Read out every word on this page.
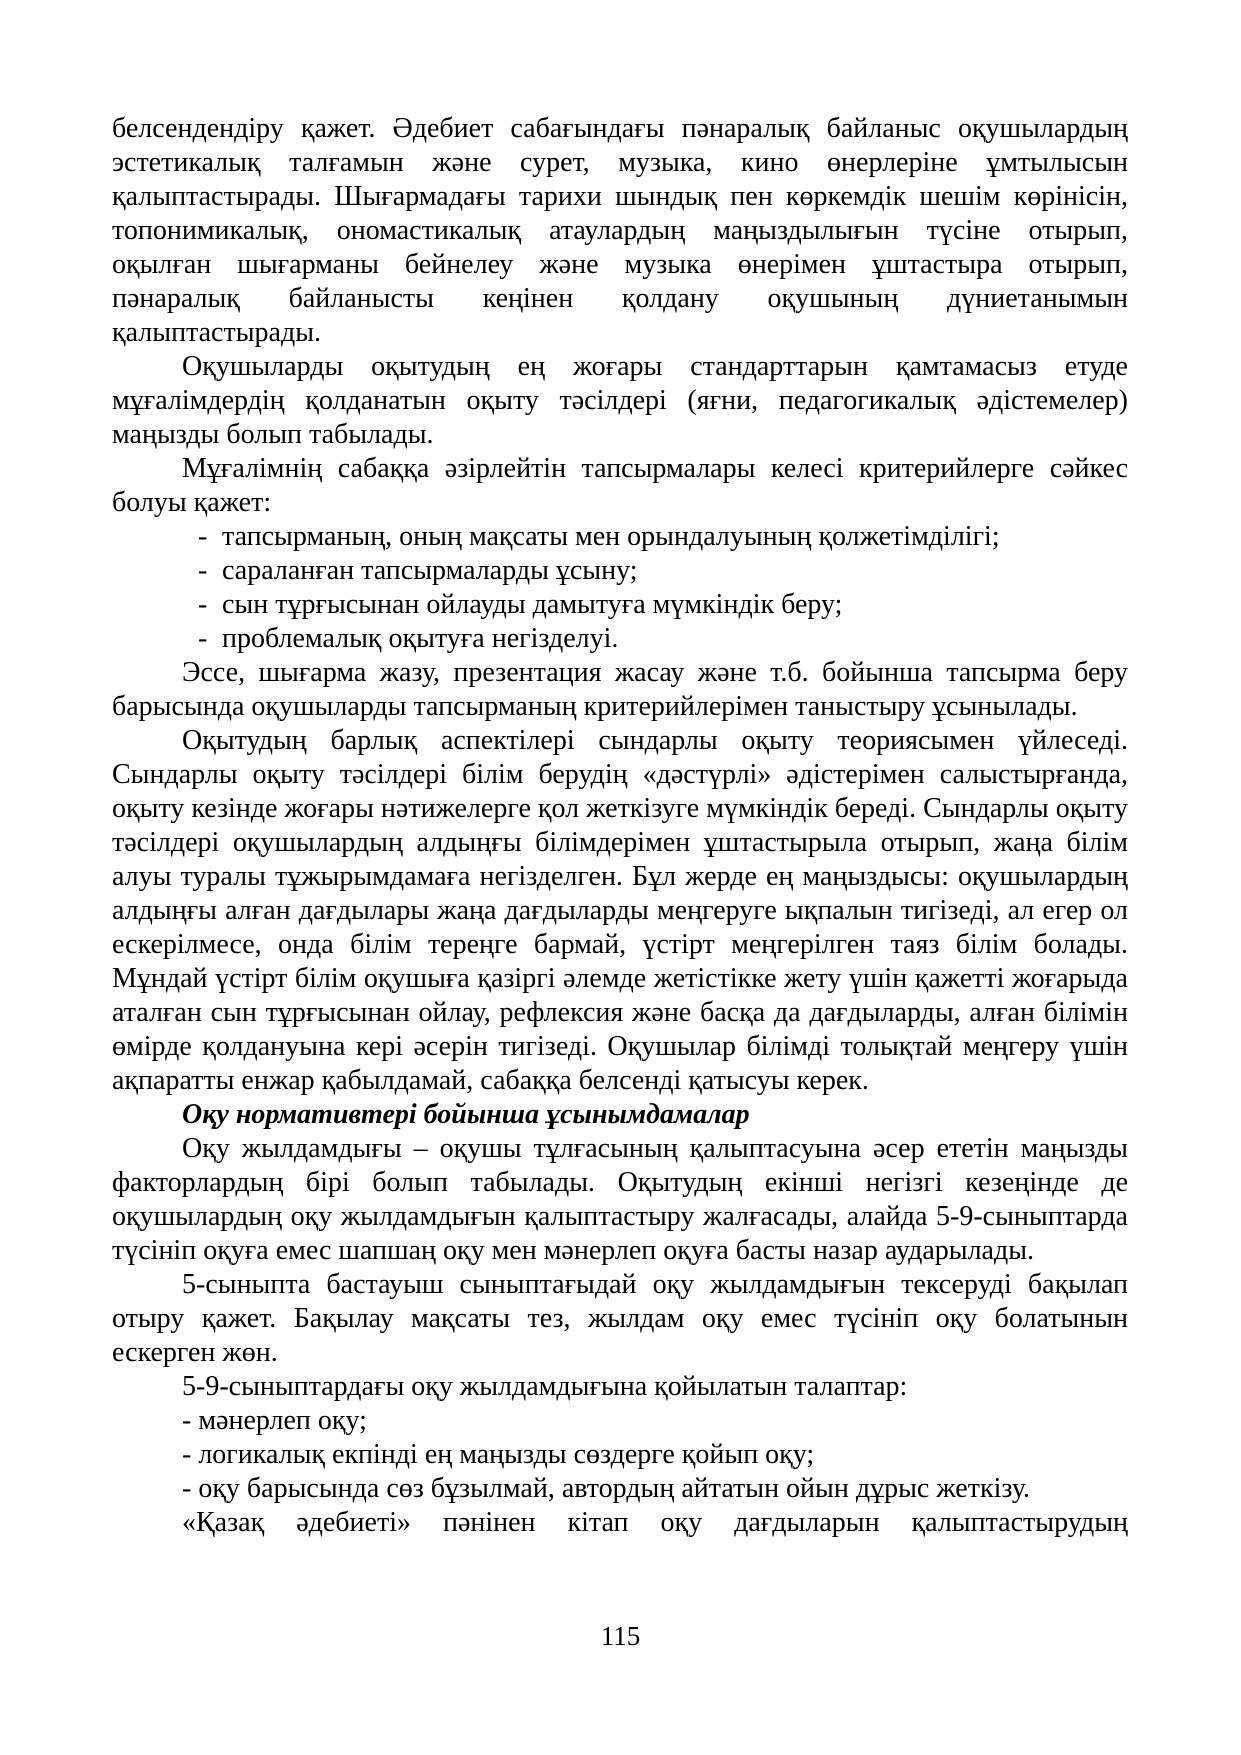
белсендендіру қажет. Әдебиет сабағындағы пәнаралық байланыс оқушылардың эстетикалық талғамын және сурет, музыка, кино өнерлеріне ұмтылысын қалыптастырады. Шығармадағы тарихи шындық пен көркемдік шешім көрінісін, топонимикалық, ономастикалық атаулардың маңыздылығын түсіне отырып, оқылған шығарманы бейнелеу және музыка өнерімен ұштастыра отырып, пәнаралық байланысты кеңінен қолдану оқушының дүниетанымын қалыптастырады.

Оқушыларды оқытудың ең жоғары стандарттарын қамтамасыз етуде мұғалімдердің қолданатын оқыту тәсілдері (яғни, педагогикалық әдістемелер) маңызды болып табылады.

Мұғалімнің сабаққа әзірлейтін тапсырмалары келесі критерийлерге сәйкес болуы қажет:

- тапсырманың, оның мақсаты мен орындалуының қолжетімділігі;

- сараланған тапсырмаларды ұсыну;

- сын тұрғысынан ойлауды дамытуға мүмкіндік беру;

- проблемалық оқытуға негізделуі.

Эссе, шығарма жазу, презентация жасау және т.б. бойынша тапсырма беру барысында оқушыларды тапсырманың критерийлерімен таныстыру ұсынылады.

Оқытудың барлық аспектілері сындарлы оқыту теориясымен үйлеседі. Сындарлы оқыту тәсілдері білім берудің «дәстүрлі» әдістерімен салыстырғанда, оқыту кезінде жоғары нәтижелерге қол жеткізуге мүмкіндік береді. Сындарлы оқыту тәсілдері оқушылардың алдыңғы білімдерімен ұштастырыла отырып, жаңа білім алуы туралы тұжырымдамаға негізделген. Бұл жерде ең маңыздысы: оқушылардың алдыңғы алған дағдылары жаңа дағдыларды меңгеруге ықпалын тигізеді, ал егер ол ескерілмесе, онда білім тереңге бармай, үстірт меңгерілген таяз білім болады. Мұндай үстірт білім оқушыға қазіргі әлемде жетістікке жету үшін қажетті жоғарыда аталған сын тұрғысынан ойлау, рефлексия және басқа да дағдыларды, алған білімін өмірде қолдануына кері әсерін тигізеді. Оқушылар білімді толықтай меңгеру үшін ақпаратты енжар қабылдамай, сабаққа белсенді қатысуы керек.

Оқу нормативтері бойынша ұсынымдамалар

Оқу жылдамдығы – оқушы тұлғасының қалыптасуына әсер ететін маңызды факторлардың бірі болып табылады. Оқытудың екінші негізгі кезеңінде де оқушылардың оқу жылдамдығын қалыптастыру жалғасады, алайда 5-9-сыныптарда түсініп оқуға емес шапшаң оқу мен мәнерлеп оқуға басты назар аударылады.

5-сыныпта бастауыш сыныптағыдай оқу жылдамдығын тексеруді бақылап отыру қажет. Бақылау мақсаты тез, жылдам оқу емес түсініп оқу болатынын ескерген жөн.

5-9-сыныптардағы оқу жылдамдығына қойылатын талаптар:

- мәнерлеп оқу;

- логикалық екпінді ең маңызды сөздерге қойып оқу;

- оқу барысында сөз бұзылмай, автордың айтатын ойын дұрыс жеткізу.

«Қазақ әдебиеті» пәнінен кітап оқу дағдыларын қалыптастырудың

115
